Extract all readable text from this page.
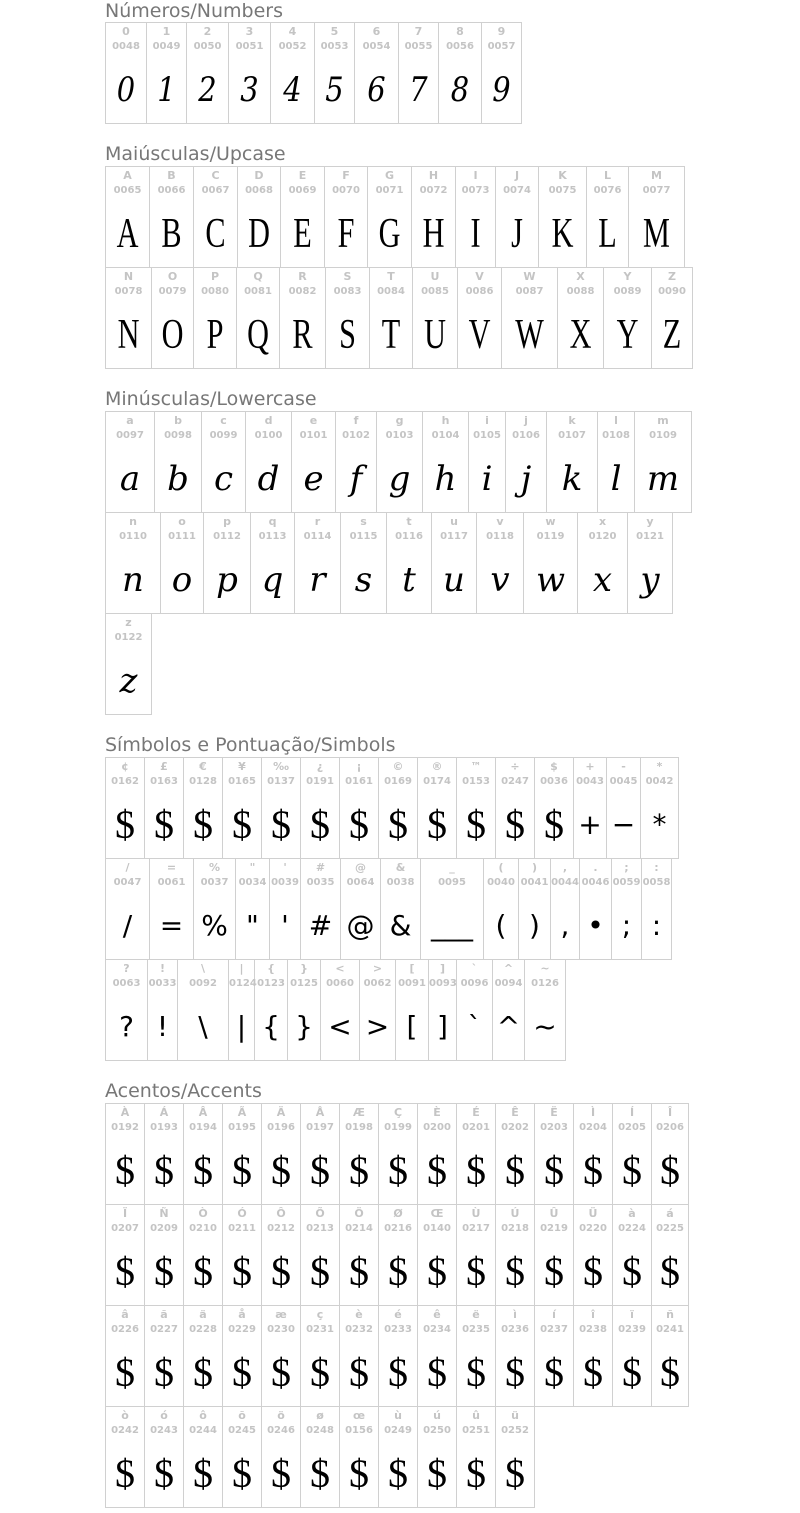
Números/Numbers
0
0048
0
1
0049
1
2
0050
2
3
0051
3
4
0052
4
5
0053
5
6
0054
6
7
0055
7
8
0056
8
9
0057
9
Maiúsculas/Upcase
A
0065
A
B
0066
B
C
0067
C
D
0068
D
E
0069
E
F
0070
F
G
0071
G
H
0072
H
I
0073
I
J
0074
J
K
0075
K
L
0076
L
M
0077
M
N
0078
N
O
0079
O
P
0080
P
Q
0081
Q
R
0082
R
S
0083
S
T
0084
T
U
0085
U
V
0086
V
W
0087
W
X
0088
X
Y
0089
Y
Z
0090
Z
Minúsculas/Lowercase
a
0097
a
b
0098
b
c
0099
c
d
0100
d
e
0101
e
f
0102
f
g
0103
g
h
0104
h
i
0105
i
j
0106
j
k
0107
k
l
0108
l
m
0109
m
n
0110
n
o
0111
o
p
0112
p
q
0113
q
r
0114
r
s
0115
s
t
0116
t
u
0117
u
v
0118
v
w
0119
w
x
0120
x
y
0121
y
z
0122
z
Símbolos e Pontuação/Simbols
¢
0162
$
£
0163
$
€
0128
$
¥
0165
$
‰
0137
$
¿
0191
$
¡
0161
$
©
0169
$
®
0174
$
™
0153
$
÷
0247
$
$
0036
$
+
0043
+
-
0045
−
*
0042
*
/
0047
/
=
0061
=
%
0037
%
"
0034
"
'
0039
'
#
0035
#
@
0064
@
&
0038
&
_
0095
___
(
0040
(
)
0041
)
,
0044
,
.
0046
•
;
0059
;
:
0058
:
?
0063
?
!
0033
!
\
0092
\
|
0124
|
{
0123
{
}
0125
}
<
0060
<
>
0062
>
[
0091
[
]
0093
]
`
0096
`
^
0094
^
~
0126
~
Acentos/Accents
À
0192
$
Á
0193
$
Â
0194
$
Ã
0195
$
Ä
0196
$
Å
0197
$
Æ
0198
$
Ç
0199
$
È
0200
$
É
0201
$
Ê
0202
$
Ë
0203
$
Ì
0204
$
Í
0205
$
Î
0206
$
Ï
0207
$
Ñ
0209
$
Ò
0210
$
Ó
0211
$
Ô
0212
$
Õ
0213
$
Ö
0214
$
Ø
0216
$
Œ
0140
$
Ù
0217
$
Ú
0218
$
Û
0219
$
Ü
0220
$
à
0224
$
á
0225
$
â
0226
$
ã
0227
$
ä
0228
$
å
0229
$
æ
0230
$
ç
0231
$
è
0232
$
é
0233
$
ê
0234
$
ë
0235
$
ì
0236
$
í
0237
$
î
0238
$
ï
0239
$
ñ
0241
$
ò
0242
$
ó
0243
$
ô
0244
$
õ
0245
$
ö
0246
$
ø
0248
$
œ
0156
$
ù
0249
$
ú
0250
$
û
0251
$
ü
0252
$
